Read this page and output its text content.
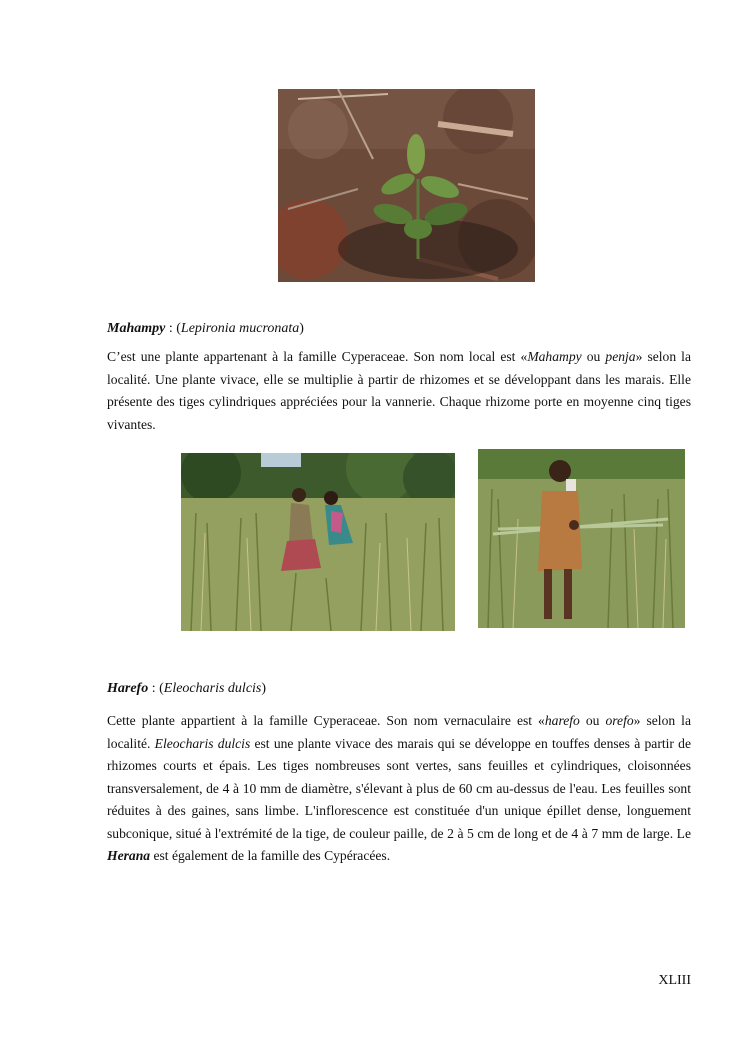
Mahampy : (Lepironia mucronata)

C’est une plante appartenant à la famille Cyperaceae. Son nom local est «Mahampy ou penja» selon la localité. Une plante vivace, elle se multiplie à partir de rhizomes et se développant dans les marais. Elle présente des tiges cylindriques appréciées pour la vannerie. Chaque rhizome porte en moyenne cinq tiges vivantes.

Harefo : (Eleocharis dulcis)

Cette plante appartient à la famille Cyperaceae. Son nom vernaculaire est «harefo ou orefo» selon la localité. Eleocharis dulcis est une plante vivace des marais qui se développe en touffes denses à partir de rhizomes courts et épais. Les tiges nombreuses sont vertes, sans feuilles et cylindriques, cloisonnées transversalement, de 4 à 10 mm de diamètre, s'élevant à plus de 60 cm au-dessus de l'eau. Les feuilles sont réduites à des gaines, sans limbe. L'inflorescence est constituée d'un unique épillet dense, longuement subconique, situé à l'extrémité de la tige, de couleur paille, de 2 à 5 cm de long et de 4 à 7 mm de large. Le Herana est également de la famille des Cypéracées.

XLIII
